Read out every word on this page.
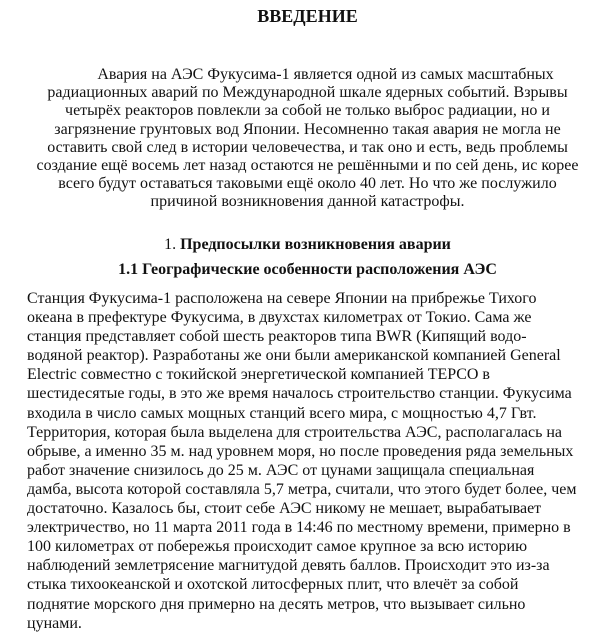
ВВЕДЕНИЕ
Авария на АЭС Фукусима-1 является одной из самых масштабных
радиационных аварий по Международной шкале ядерных событий. Взрывы
четырёх реакторов повлекли за собой не только выброс радиации, но и
загрязнение грунтовых вод Японии. Несомненно такая авария не могла не
оставить свой след в истории человечества, и так оно и есть, ведь проблемы
создание ещё восемь лет назад остаются не решёнными и по сей день, ис корее
всего будут оставаться таковыми ещё около 40 лет. Но что же послужило
причиной возникновения данной катастрофы.
1. Предпосылки возникновения аварии
1.1 Географические особенности расположения АЭС
Станция Фукусима-1 расположена на севере Японии на прибрежье Тихого
океана в префектуре Фукусима, в двухстах километрах от Токио. Сама же
станция представляет собой шесть реакторов типа BWR (Кипящий водо-
водяной реактор). Разработаны же они были американской компанией General
Electric совместно с токийской энергетической компанией TEPCO в
шестидесятые годы, в это же время началось строительство станции. Фукусима
входила в число самых мощных станций всего мира, с мощностью 4,7 Гвт.
Территория, которая была выделена для строительства АЭС, располагалась на
обрыве, а именно 35 м. над уровнем моря, но после проведения ряда земельных
работ значение снизилось до 25 м. АЭС от цунами защищала специальная
дамба, высота которой составляла 5,7 метра, считали, что этого будет более, чем
достаточно. Казалось бы, стоит себе АЭС никому не мешает, вырабатывает
электричество, но 11 марта 2011 года в 14:46 по местному времени, примерно в
100 километрах от побережья происходит самое крупное за всю историю
наблюдений землетрясение магнитудой девять баллов. Происходит это из-за
стыка тихоокеанской и охотской литосферных плит, что влечёт за собой
поднятие морского дня примерно на десять метров, что вызывает сильно
цунами.
